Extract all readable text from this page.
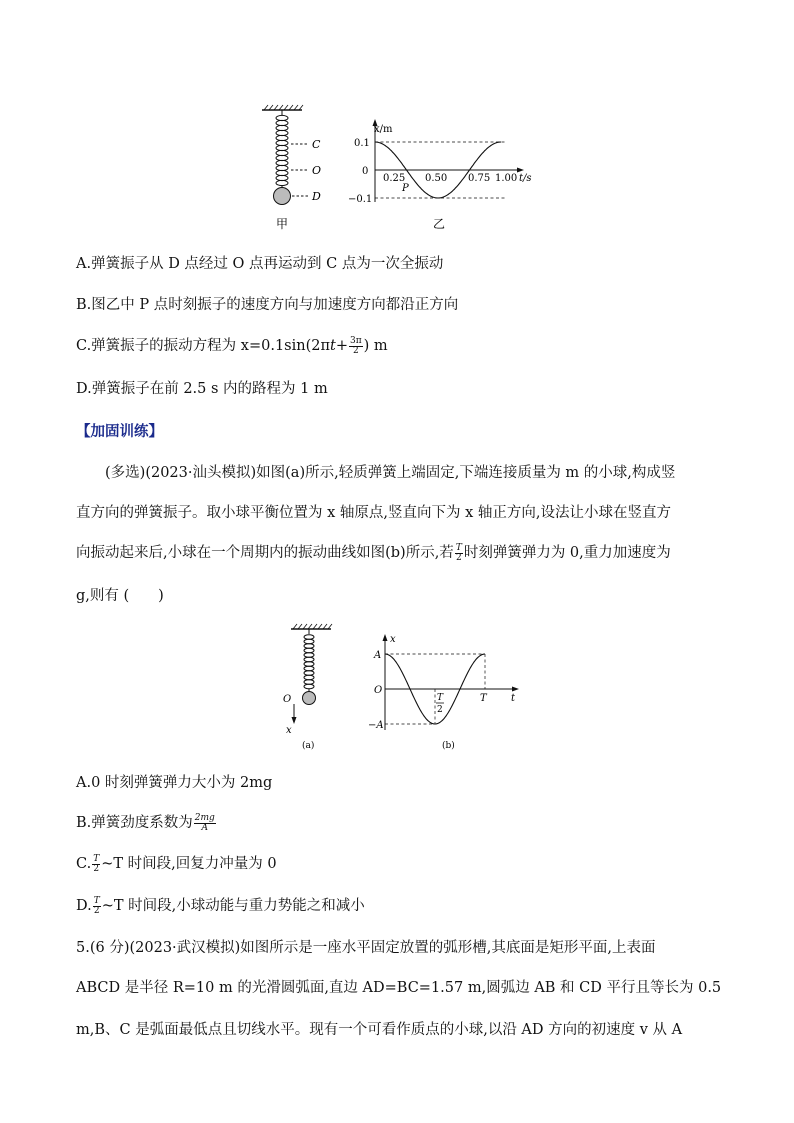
C
O
D
甲
x/m
0.1
0
−0.1
0.25 0.50 0.75 1.00 t/s
P
乙
A.弹簧振子从 D 点经过 O 点再运动到 C 点为一次全振动
B.图乙中 P 点时刻振子的速度方向与加速度方向都沿正方向
C.弹簧振子的振动方程为 $x=0.1\sin(2\pi t+ \frac{3\pi}{2}$ ) m
D.弹簧振子在前 2.5 s 内的路程为 1 m
【加固训练】
(多选)(2023·汕头模拟)如图(a)所示,轻质弹簧上端固定,下端连接质量为 m 的小球,构成竖
直方向的弹簧振子。取小球平衡位置为 x 轴原点,竖直向下为 x 轴正方向,设法让小球在竖直方
向振动起来后,小球在一个周期内的振动曲线如图(b)所示,若 $\frac{T}{2}$ 时刻弹簧弹力为 0,重力加速度为
g,则有 (　　)
O
x
(a)
x
A
O
−A
T
2
T t
(b)
A.0 时刻弹簧弹力大小为 2mg
B.弹簧劲度系数为 $\frac{2mg}{A}$
C. $\frac{T}{2}$ ~T 时间段,回复力冲量为 0
D. $\frac{T}{2}$ ~T 时间段,小球动能与重力势能之和减小
5.(6 分)(2023·武汉模拟)如图所示是一座水平固定放置的弧形槽,其底面是矩形平面,上表面
ABCD 是半径 R=10 m 的光滑圆弧面,直边 AD=BC=1.57 m,圆弧边 AB 和 CD 平行且等长为 0.5
m,B、C 是弧面最低点且切线水平。现有一个可看作质点的小球,以沿 AD 方向的初速度 v 从 A
